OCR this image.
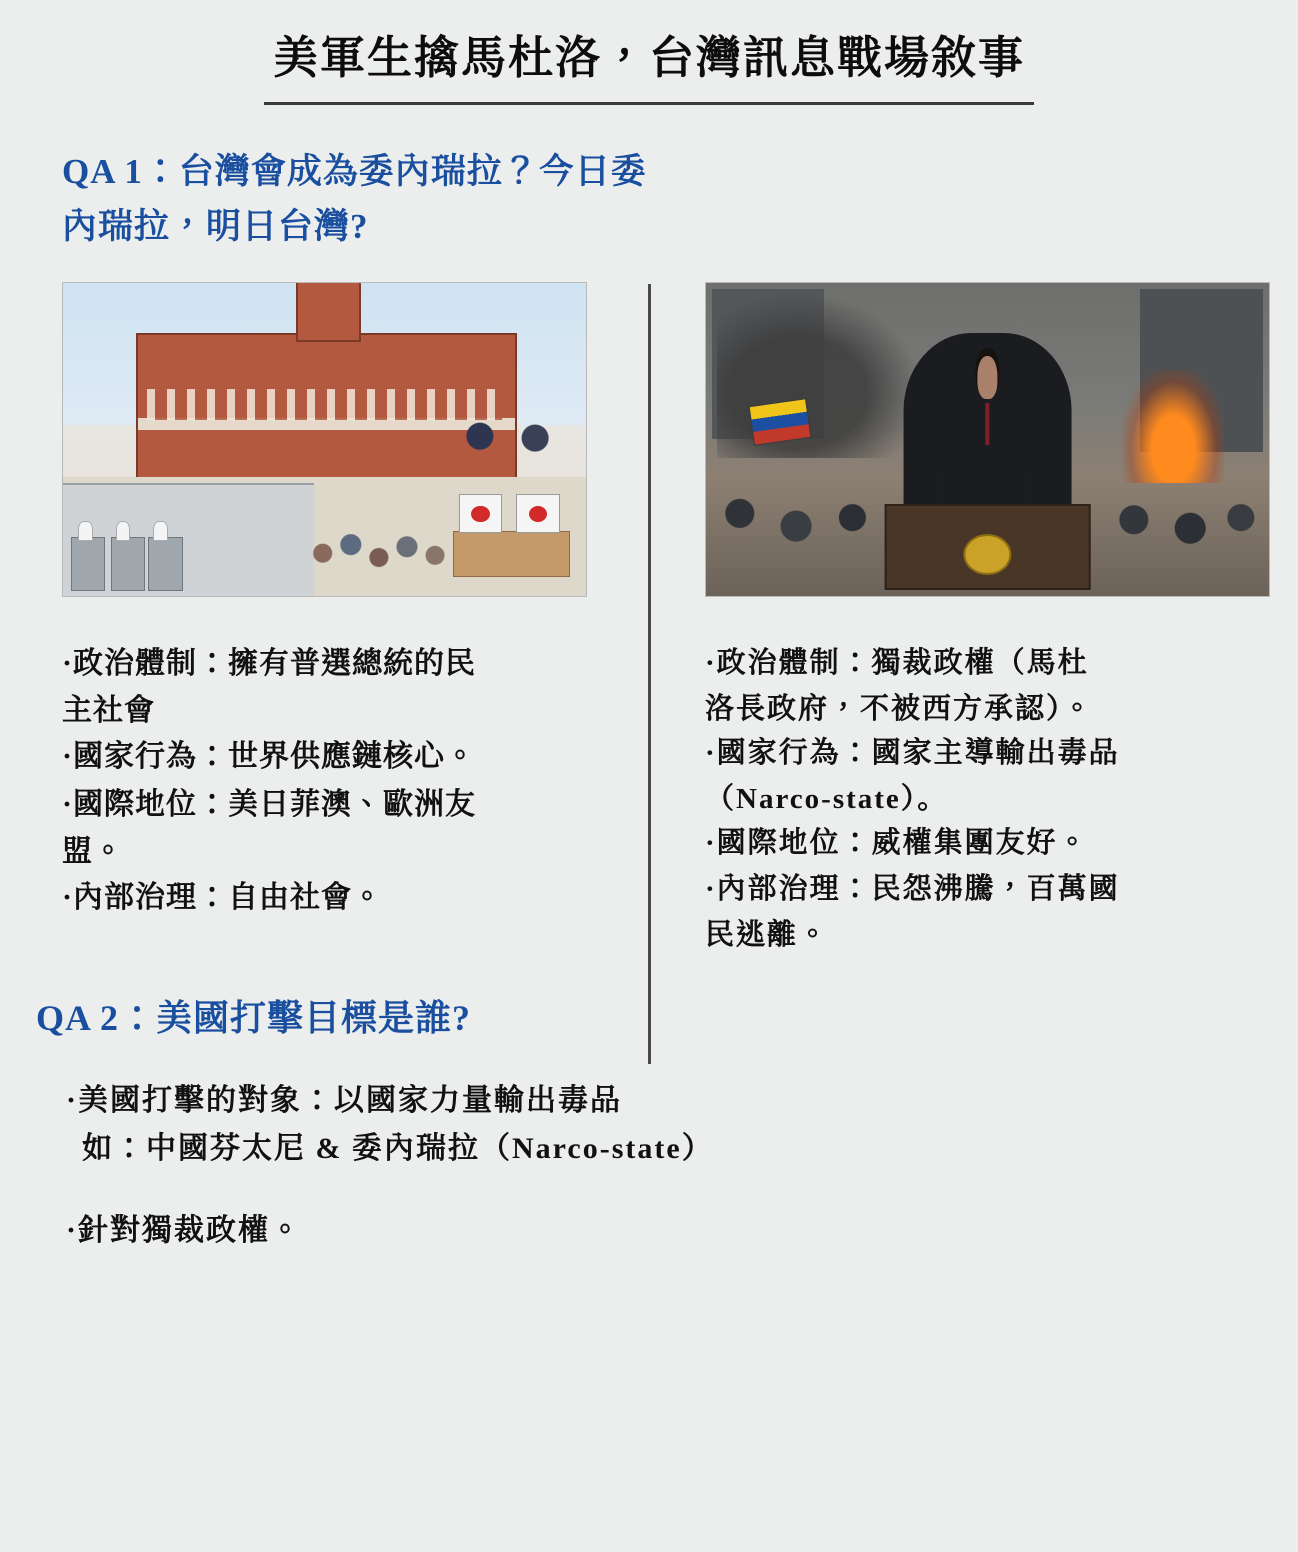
美軍生擒馬杜洛，台灣訊息戰場敘事
QA 1：台灣會成為委內瑞拉？今日委
內瑞拉，明日台灣?
· 政治體制：擁有普選總統的民
主社會
· 國家行為：世界供應鏈核心。
· 國際地位：美日菲澳、歐洲友
盟。
· 內部治理：自由社會。
· 政治體制：獨裁政權（馬杜
洛長政府，不被西方承認）。
· 國家行為：國家主導輸出毒品
（Narco-state）。
· 國際地位：威權集團友好。
· 內部治理：民怨沸騰，百萬國
民逃離。
QA 2：美國打擊目標是誰?
· 美國打擊的對象：以國家力量輸出毒品
如：中國芬太尼 & 委內瑞拉（Narco-state）
· 針對獨裁政權。
